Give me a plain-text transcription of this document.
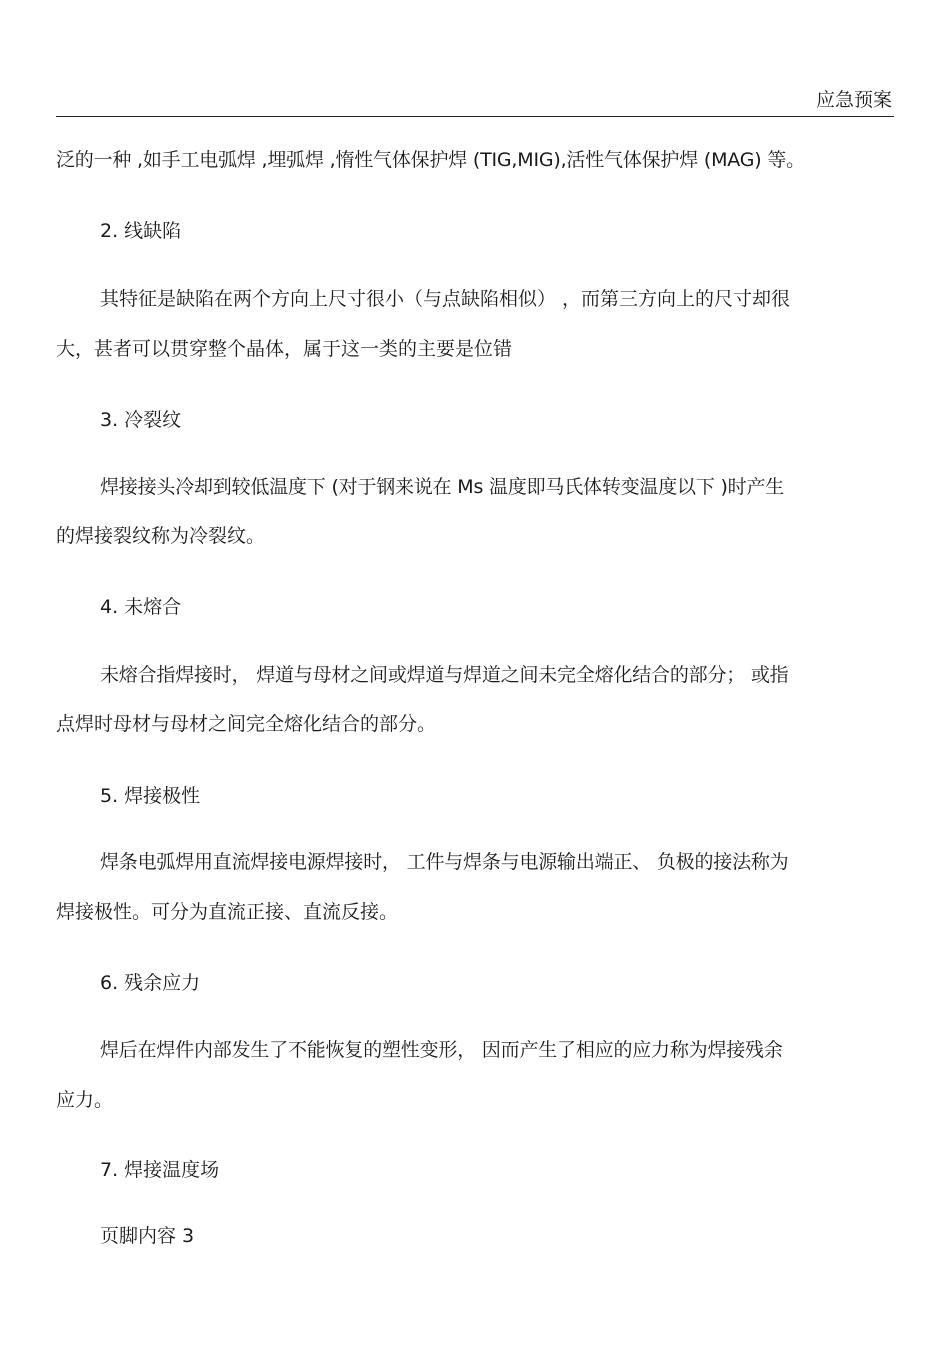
应急预案
泛的一种 ,如手工电弧焊 ,埋弧焊 ,惰性气体保护焊 (TIG,MIG),活性气体保护焊 (MAG) 等。
2. 线缺陷
其特征是缺陷在两个方向上尺寸很小（与点缺陷相似） ，而第三方向上的尺寸却很
大，甚者可以贯穿整个晶体，属于这一类的主要是位错
3. 冷裂纹
焊接接头冷却到较低温度下 (对于钢来说在 Ms 温度即马氏体转变温度以下 )时产生
的焊接裂纹称为冷裂纹。
4. 未熔合
未熔合指焊接时， 焊道与母材之间或焊道与焊道之间未完全熔化结合的部分； 或指
点焊时母材与母材之间完全熔化结合的部分。
5. 焊接极性
焊条电弧焊用直流焊接电源焊接时， 工件与焊条与电源输出端正、 负极的接法称为
焊接极性。可分为直流正接、直流反接。
6. 残余应力
焊后在焊件内部发生了不能恢复的塑性变形， 因而产生了相应的应力称为焊接残余
应力。
7. 焊接温度场
页脚内容 3
